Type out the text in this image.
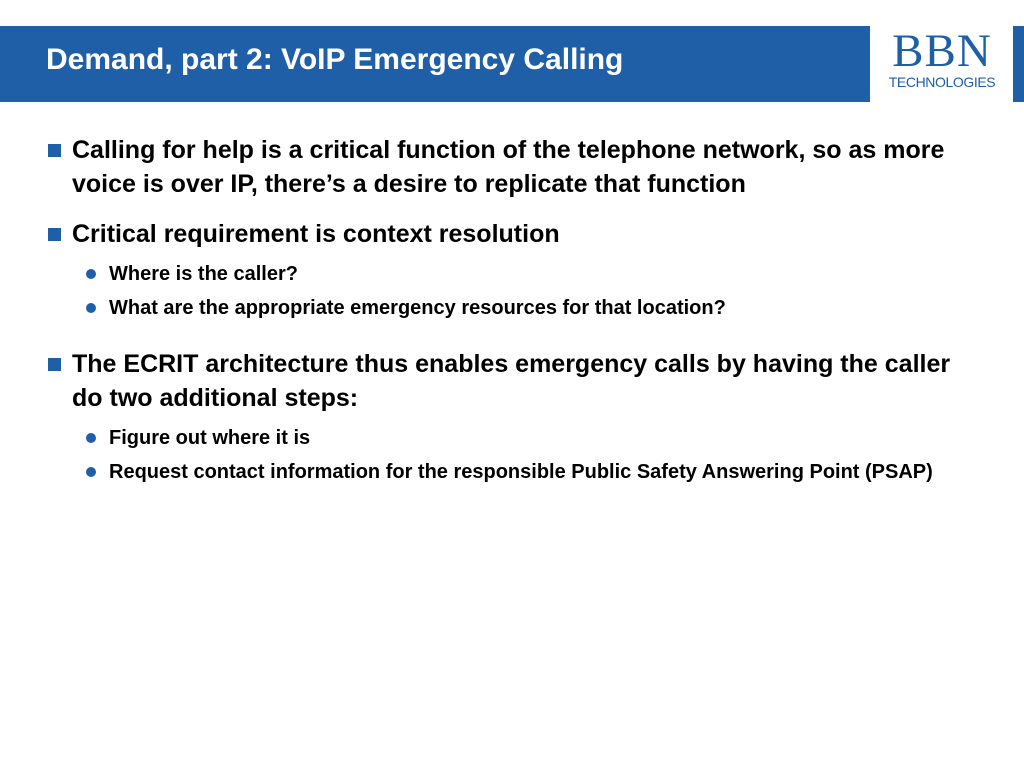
Demand, part 2: VoIP Emergency Calling	BBN
TECHNOLOGIES
Calling for help is a critical function of the telephone network, so as more voice is over IP, there’s a desire to replicate that function
Critical requirement is context resolution
Where is the caller?
What are the appropriate emergency resources for that location?
The ECRIT architecture thus enables emergency calls by having the caller do two additional steps:
Figure out where it is
Request contact information for the responsible Public Safety Answering Point (PSAP)
